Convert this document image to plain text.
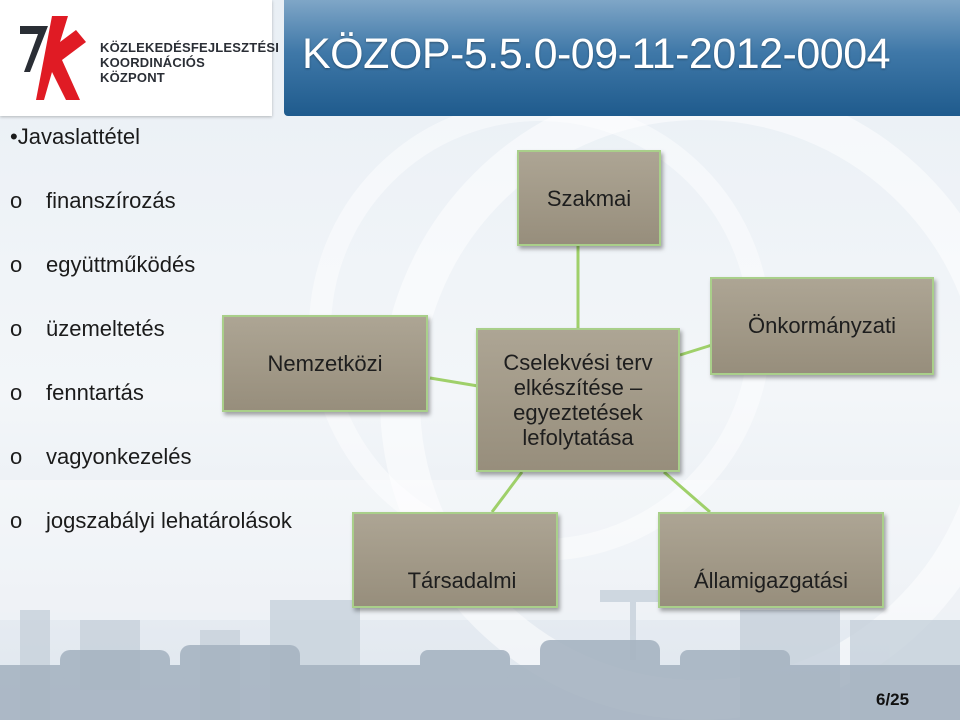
KÖZLEKEDÉSFEJLESZTÉSI
KOORDINÁCIÓS
KÖZPONT	KÖZOP-5.5.0-09-11-2012-0004
•Javaslattétel
o finanszírozás
o együttműködés
o üzemeltetés
o fenntartás
o vagyonkezelés
o jogszabályi lehatárolások
Szakmai
Nemzetközi	Cselekvési terv
elkészítése –
egyeztetések
lefolytatása
Önkormányzati
Társadalmi	Államigazgatási
6/25
